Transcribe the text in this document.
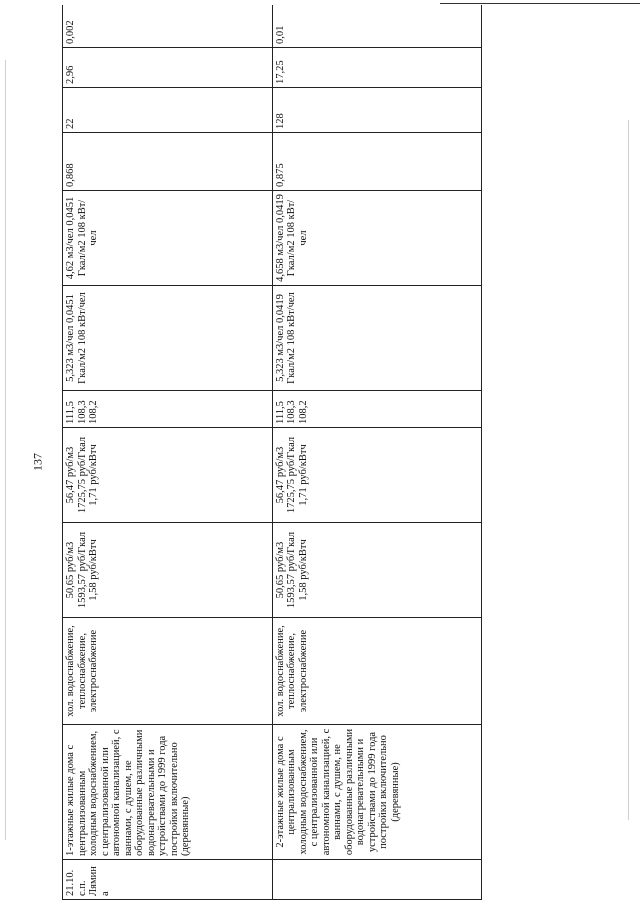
137
21.10. с.п. Лямина	1-этажные жилые дома с централизованным холодным водоснабжением, с централизованной или автономной канализацией, с ваннами, с душем, не оборудованные различными водонагревательными и устройствами до 1999 года постройки включительно (деревянные)	хол. водоснабжение, теплоснабжение, электроснабжение	50,65 руб/м3 1593,57 руб/Гкал 1,58 руб/кВтч	56,47 руб/м3 1725,75 руб/Гкал 1,71 руб/кВтч	111,5 108,3 108,2	5,323 м3/чел 0,0451 Гкал/м2 108 кВт/чел	4,62 м3/чел 0,0451 Гкал/м2 108 кВт/чел	0,868	22	2,96	0,002
	2-этажные жилые дома с централизованным холодным водоснабжением, с централизованной или автономной канализацией, с ваннами, с душем, не оборудованные различными водонагревательными и устройствами до 1999 года постройки включительно (деревянные)	хол. водоснабжение, теплоснабжение, электроснабжение	50,65 руб/м3 1593,57 руб/Гкал 1,58 руб/кВтч	56,47 руб/м3 1725,75 руб/Гкал 1,71 руб/кВтч	111,5 108,3 108,2	5,323 м3/чел 0,0419 Гкал/м2 108 кВт/чел	4,658 м3/чел 0,0419 Гкал/м2 108 кВт/чел	0,875	128	17,25	0,01
